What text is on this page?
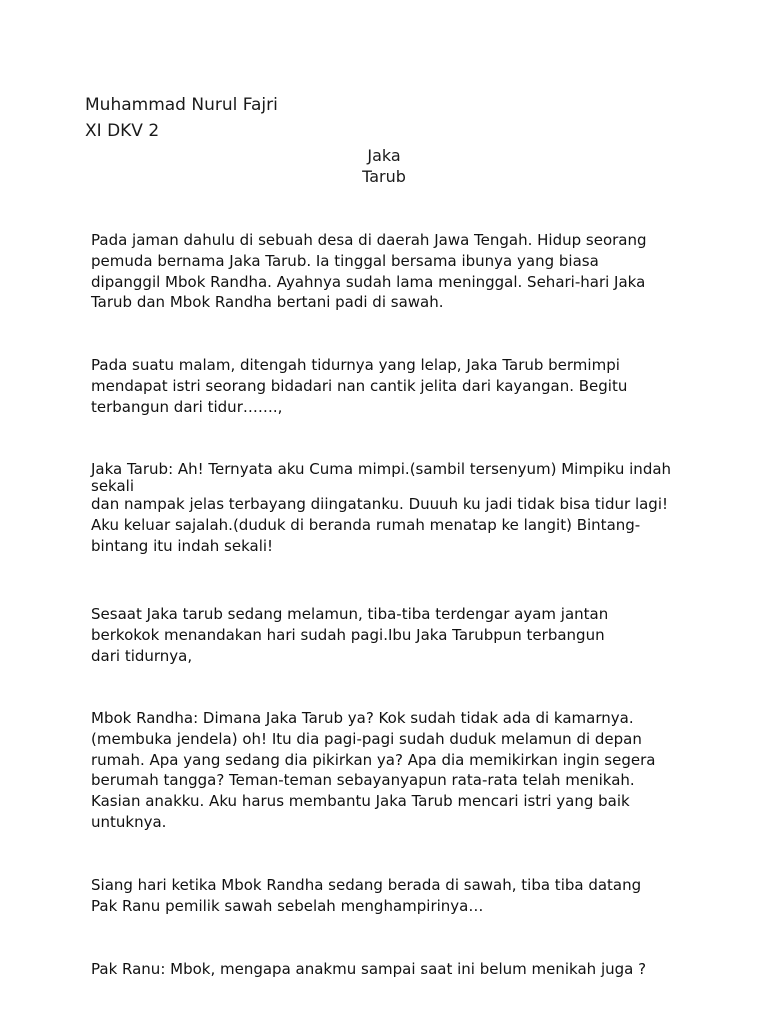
Muhammad Nurul Fajri
XI DKV 2
Jaka
Tarub
Pada jaman dahulu di sebuah desa di daerah Jawa Tengah. Hidup seorang
pemuda bernama Jaka Tarub. Ia tinggal bersama ibunya yang biasa
dipanggil Mbok Randha. Ayahnya sudah lama meninggal. Sehari-hari Jaka
Tarub dan Mbok Randha bertani padi di sawah.
Pada suatu malam, ditengah tidurnya yang lelap, Jaka Tarub bermimpi
mendapat istri seorang bidadari nan cantik jelita dari kayangan. Begitu
terbangun dari tidur…….,
Jaka Tarub: Ah! Ternyata aku Cuma mimpi.(sambil tersenyum) Mimpiku indah
sekali
dan nampak jelas terbayang diingatanku. Duuuh ku jadi tidak bisa tidur lagi!
Aku keluar sajalah.(duduk di beranda rumah menatap ke langit) Bintang-
bintang itu indah sekali!
Sesaat Jaka tarub sedang melamun, tiba-tiba terdengar ayam jantan
berkokok menandakan hari sudah pagi.Ibu Jaka Tarubpun terbangun
dari tidurnya,
Mbok Randha: Dimana Jaka Tarub ya? Kok sudah tidak ada di kamarnya.
(membuka jendela) oh! Itu dia pagi-pagi sudah duduk melamun di depan
rumah. Apa yang sedang dia pikirkan ya? Apa dia memikirkan ingin segera
berumah tangga? Teman-teman sebayanyapun rata-rata telah menikah.
Kasian anakku. Aku harus membantu Jaka Tarub mencari istri yang baik
untuknya.
Siang hari ketika Mbok Randha sedang berada di sawah, tiba tiba datang
Pak Ranu pemilik sawah sebelah menghampirinya…
Pak Ranu: Mbok, mengapa anakmu sampai saat ini belum menikah juga ?
